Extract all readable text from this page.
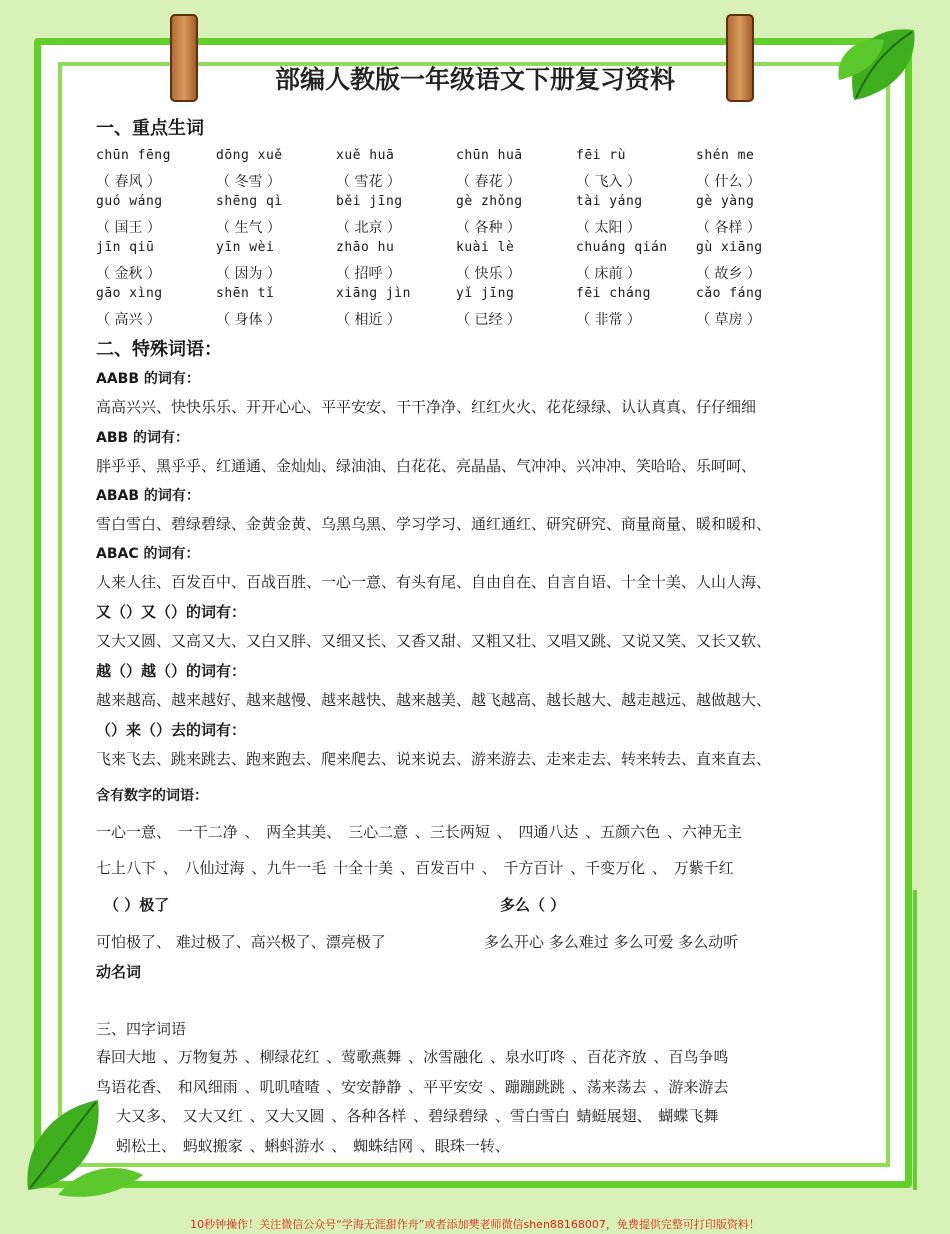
部编人教版一年级语文下册复习资料
一、重点生词
chūn fēng	dōng xuě	xuě huā	chūn huā	fēi rù	shén me
（ 春风 ）	（ 冬雪 ）	（ 雪花 ）	（ 春花 ）	（ 飞入 ）	（ 什么 ）
guó wáng	shēng qì	běi jīng	gè zhǒng	tài yáng	gè yàng
（ 国王 ）	（ 生气 ）	（ 北京 ）	（ 各种 ）	（ 太阳 ）	（ 各样 ）
jīn qiū	yīn wèi	zhāo hu	kuài lè	chuáng qián	gù xiāng
（ 金秋 ）	（ 因为 ）	（ 招呼 ）	（ 快乐 ）	（ 床前 ）	（ 故乡 ）
gāo xìng	shēn tǐ	xiāng jìn	yǐ jīng	fēi cháng	cǎo fáng
（ 高兴 ）	（ 身体 ）	（ 相近 ）	（ 已经 ）	（ 非常 ）	（ 草房 ）
二、特殊词语：
AABB 的词有：
高高兴兴、快快乐乐、开开心心、平平安安、干干净净、红红火火、花花绿绿、认认真真、仔仔细细
ABB 的词有：
胖乎乎、黑乎乎、红通通、金灿灿、绿油油、白花花、亮晶晶、气冲冲、兴冲冲、笑哈哈、乐呵呵、
ABAB 的词有：
雪白雪白、碧绿碧绿、金黄金黄、乌黑乌黑、学习学习、通红通红、研究研究、商量商量、暖和暖和、
ABAC 的词有：
人来人往、百发百中、百战百胜、一心一意、有头有尾、自由自在、自言自语、十全十美、人山人海、
又（）又（）的词有：
又大又圆、又高又大、又白又胖、又细又长、又香又甜、又粗又壮、又唱又跳、又说又笑、又长又软、
越（）越（）的词有：
越来越高、越来越好、越来越慢、越来越快、越来越美、越飞越高、越长越大、越走越远、越做越大、
（）来（）去的词有：
飞来飞去、跳来跳去、跑来跑去、爬来爬去、说来说去、游来游去、走来走去、转来转去、直来直去、
含有数字的词语：
一心一意、 一干二净 、 两全其美、 三心二意 、三长两短 、 四通八达 、五颜六色 、六神无主
七上八下 、 八仙过海 、九牛一毛 十全十美 、百发百中 、 千方百计 、千变万化 、 万紫千红
（ ）极了	多么（ ）
可怕极了、 难过极了、高兴极了、漂亮极了	多么开心 多么难过 多么可爱 多么动听
动名词
三、四字词语
春回大地 、万物复苏 、柳绿花红 、莺歌燕舞 、冰雪融化 、泉水叮咚 、百花齐放 、百鸟争鸣
鸟语花香、 和风细雨 、叽叽喳喳 、安安静静 、平平安安 、蹦蹦跳跳 、荡来荡去 、游来游去
大又多、 又大又红 、又大又圆 、各种各样 、碧绿碧绿 、雪白雪白 蜻蜓展翅、 蝴蝶飞舞
蚓松土、 蚂蚁搬家 、蝌蚪游水 、 蜘蛛结网 、眼珠一转、
10秒钟操作！关注微信公众号“学海无涯甜作舟”或者添加樊老师微信shen88168007，免费提供完整可打印版资料！
